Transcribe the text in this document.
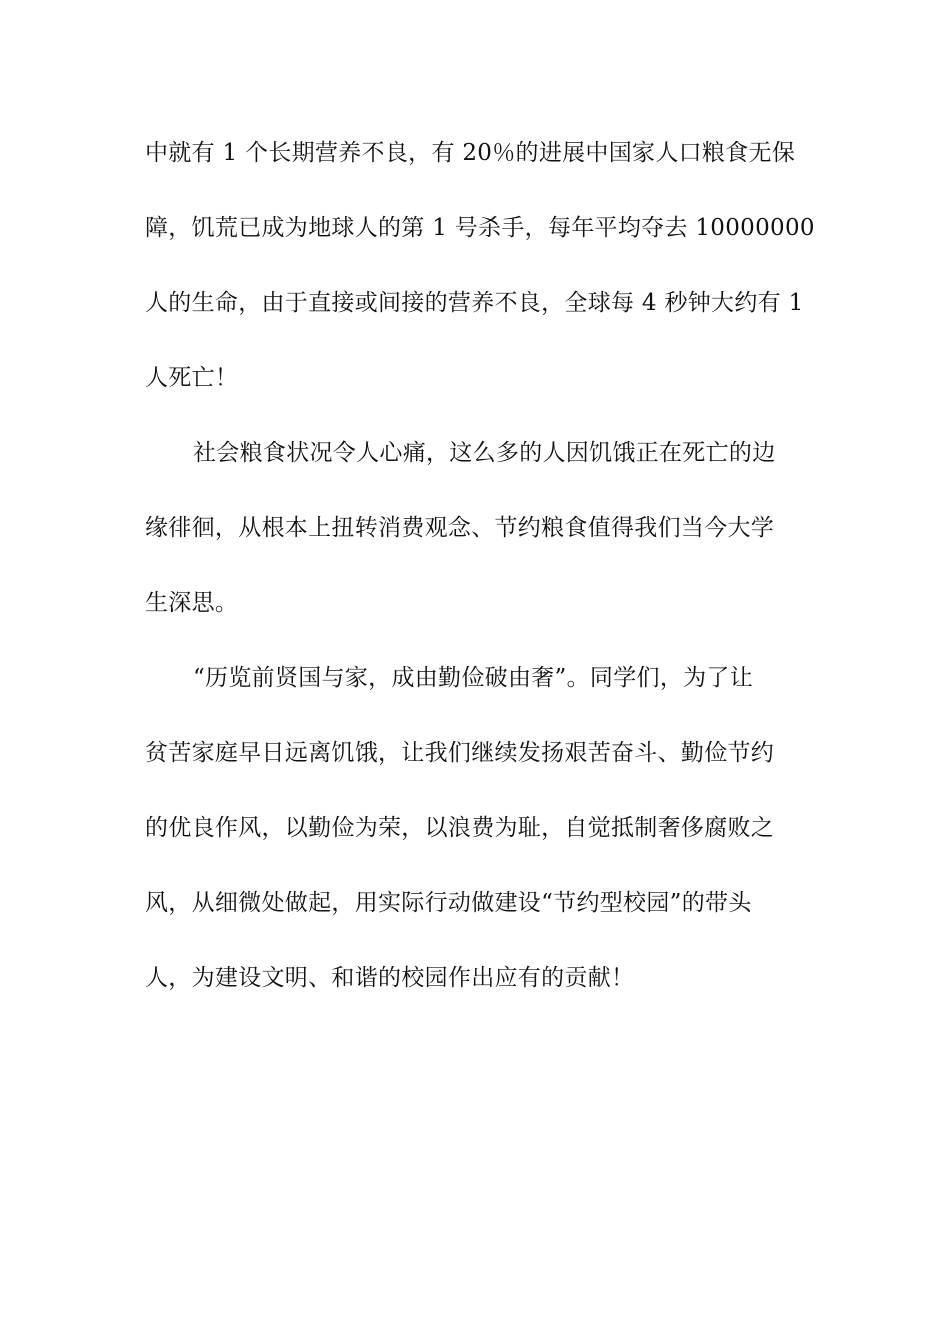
中就有 1 个长期营养不良，有 20％的进展中国家人口粮食无保
障，饥荒已成为地球人的第 1 号杀手，每年平均夺去 10000000
人的生命，由于直接或间接的营养不良，全球每 4 秒钟大约有 1
人死亡！
社会粮食状况令人心痛，这么多的人因饥饿正在死亡的边
缘徘徊，从根本上扭转消费观念、节约粮食值得我们当今大学
生深思。
“历览前贤国与家，成由勤俭破由奢”。同学们，为了让
贫苦家庭早日远离饥饿，让我们继续发扬艰苦奋斗、勤俭节约
的优良作风，以勤俭为荣，以浪费为耻，自觉抵制奢侈腐败之
风，从细微处做起，用实际行动做建设“节约型校园”的带头
人，为建设文明、和谐的校园作出应有的贡献！
